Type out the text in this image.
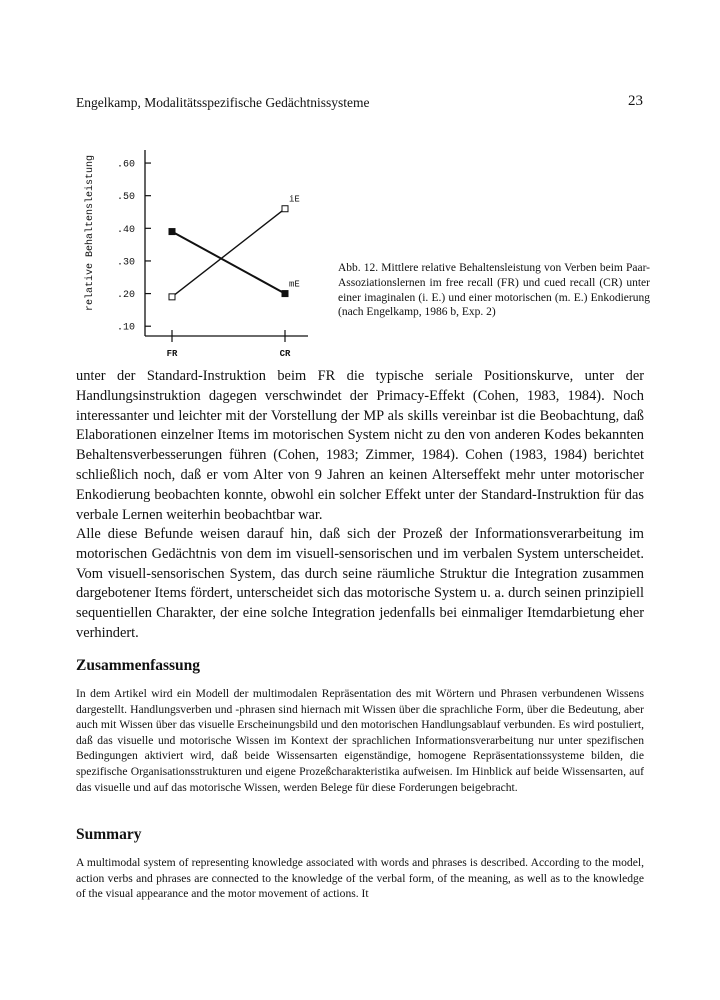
Engelkamp, Modalitätsspezifische Gedächtnissysteme	23
.10
.20
.30
.40
.50
.60
relative Behaltensleistung
FR	CR
iE
mE
Abb. 12. Mittlere relative Behaltensleistung von Verben beim Paar-Assoziationslernen im free recall (FR) und cued recall (CR) unter einer imaginalen (i. E.) und einer motorischen (m. E.) Enkodierung (nach Engelkamp, 1986 b, Exp. 2)

unter der Standard-Instruktion beim FR die typische seriale Positionskurve, unter der Handlungsinstruktion dagegen verschwindet der Primacy-Effekt (Cohen, 1983, 1984). Noch interessanter und leichter mit der Vorstellung der MP als skills vereinbar ist die Beobachtung, daß Elaborationen einzelner Items im motorischen System nicht zu den von anderen Kodes bekannten Behaltensverbesserungen führen (Cohen, 1983; Zimmer, 1984). Cohen (1983, 1984) berichtet schließlich noch, daß er vom Alter von 9 Jahren an keinen Alterseffekt mehr unter motorischer Enkodierung beobachten konnte, obwohl ein solcher Effekt unter der Standard-Instruktion für das verbale Lernen weiterhin beobachtbar war.

Alle diese Befunde weisen darauf hin, daß sich der Prozeß der Informationsverarbeitung im motorischen Gedächtnis von dem im visuell-sensorischen und im verbalen System unterscheidet. Vom visuell-sensorischen System, das durch seine räumliche Struktur die Integration zusammen dargebotener Items fördert, unterscheidet sich das motorische System u. a. durch seinen prinzipiell sequentiellen Charakter, der eine solche Integration jedenfalls bei einmaliger Itemdarbietung eher verhindert.

Zusammenfassung

In dem Artikel wird ein Modell der multimodalen Repräsentation des mit Wörtern und Phrasen verbundenen Wissens dargestellt. Handlungsverben und -phrasen sind hiernach mit Wissen über die sprachliche Form, über die Bedeutung, aber auch mit Wissen über das visuelle Erscheinungsbild und den motorischen Handlungsablauf verbunden. Es wird postuliert, daß das visuelle und motorische Wissen im Kontext der sprachlichen Informationsverarbeitung nur unter spezifischen Bedingungen aktiviert wird, daß beide Wissensarten eigenständige, homogene Repräsentationssysteme bilden, die spezifische Organisationsstrukturen und eigene Prozeßcharakteristika aufweisen. Im Hinblick auf beide Wissensarten, auf das visuelle und auf das motorische Wissen, werden Belege für diese Forderungen beigebracht.

Summary

A multimodal system of representing knowledge associated with words and phrases is described. According to the model, action verbs and phrases are connected to the knowledge of the verbal form, of the meaning, as well as to the knowledge of the visual appearance and the motor movement of actions. It
